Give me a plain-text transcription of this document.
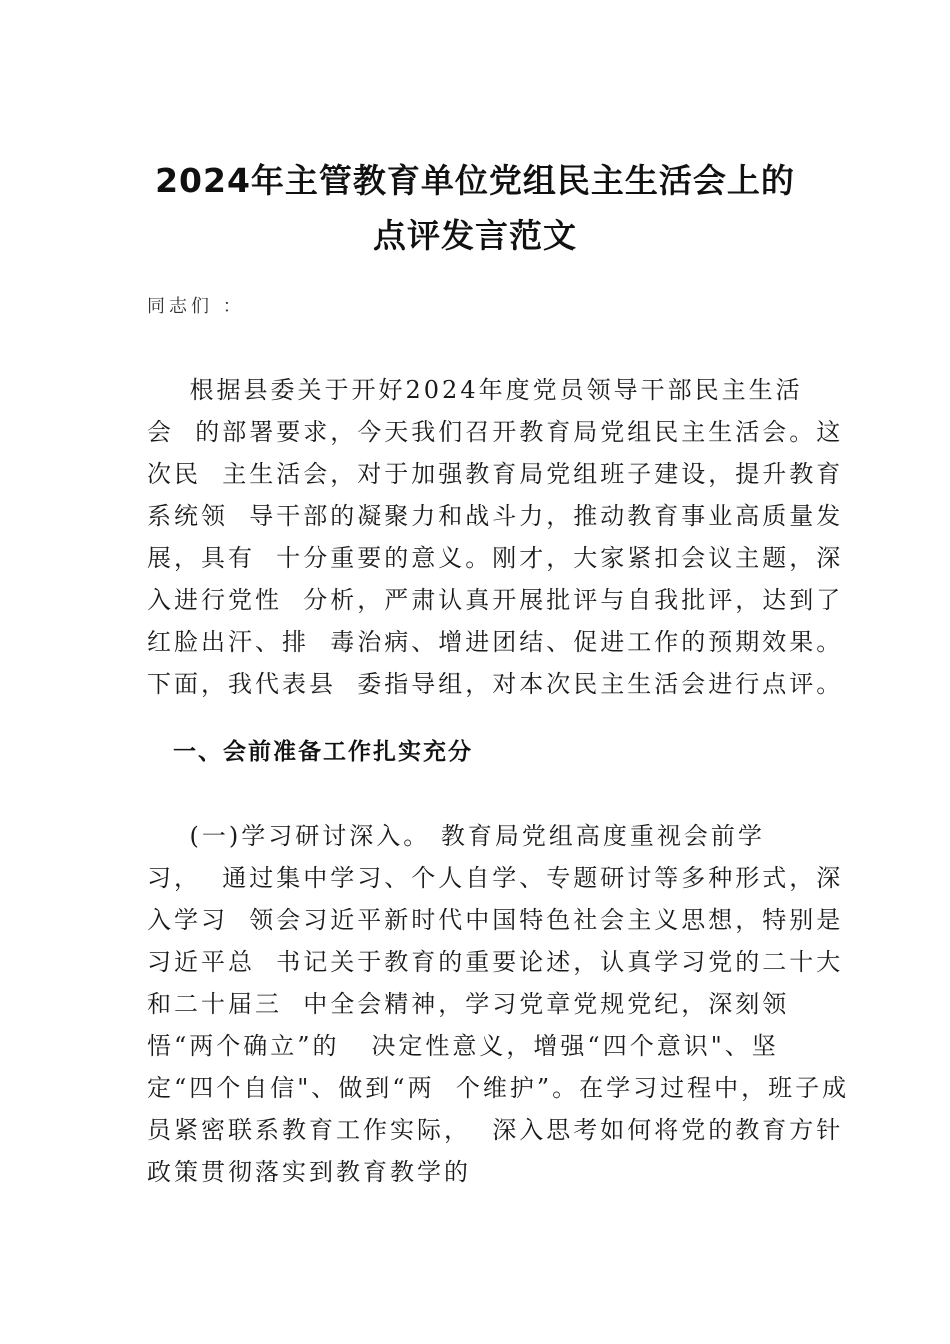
2024年主管教育单位党组民主生活会上的
点评发言范文
同志们 ：
根据县委关于开好2024年度党员领导干部民主生活
会  的部署要求，今天我们召开教育局党组民主生活会。这
次民  主生活会，对于加强教育局党组班子建设，提升教育
系统领  导干部的凝聚力和战斗力，推动教育事业高质量发
展，具有  十分重要的意义。刚才，大家紧扣会议主题，深
入进行党性  分析，严肃认真开展批评与自我批评，达到了
红脸出汗、排  毒治病、增进团结、促进工作的预期效果。
下面，我代表县  委指导组，对本次民主生活会进行点评。
一、会前准备工作扎实充分
(一)学习研讨深入。 教育局党组高度重视会前学
习，  通过集中学习、个人自学、专题研讨等多种形式，深
入学习  领会习近平新时代中国特色社会主义思想，特别是
习近平总  书记关于教育的重要论述，认真学习党的二十大
和二十届三  中全会精神，学习党章党规党纪，深刻领
悟“两个确立”的   决定性意义，增强“四个意识"、坚
定“四个自信"、做到“两  个维护”。在学习过程中，班子成
员紧密联系教育工作实际，  深入思考如何将党的教育方针
政策贯彻落实到教育教学的
